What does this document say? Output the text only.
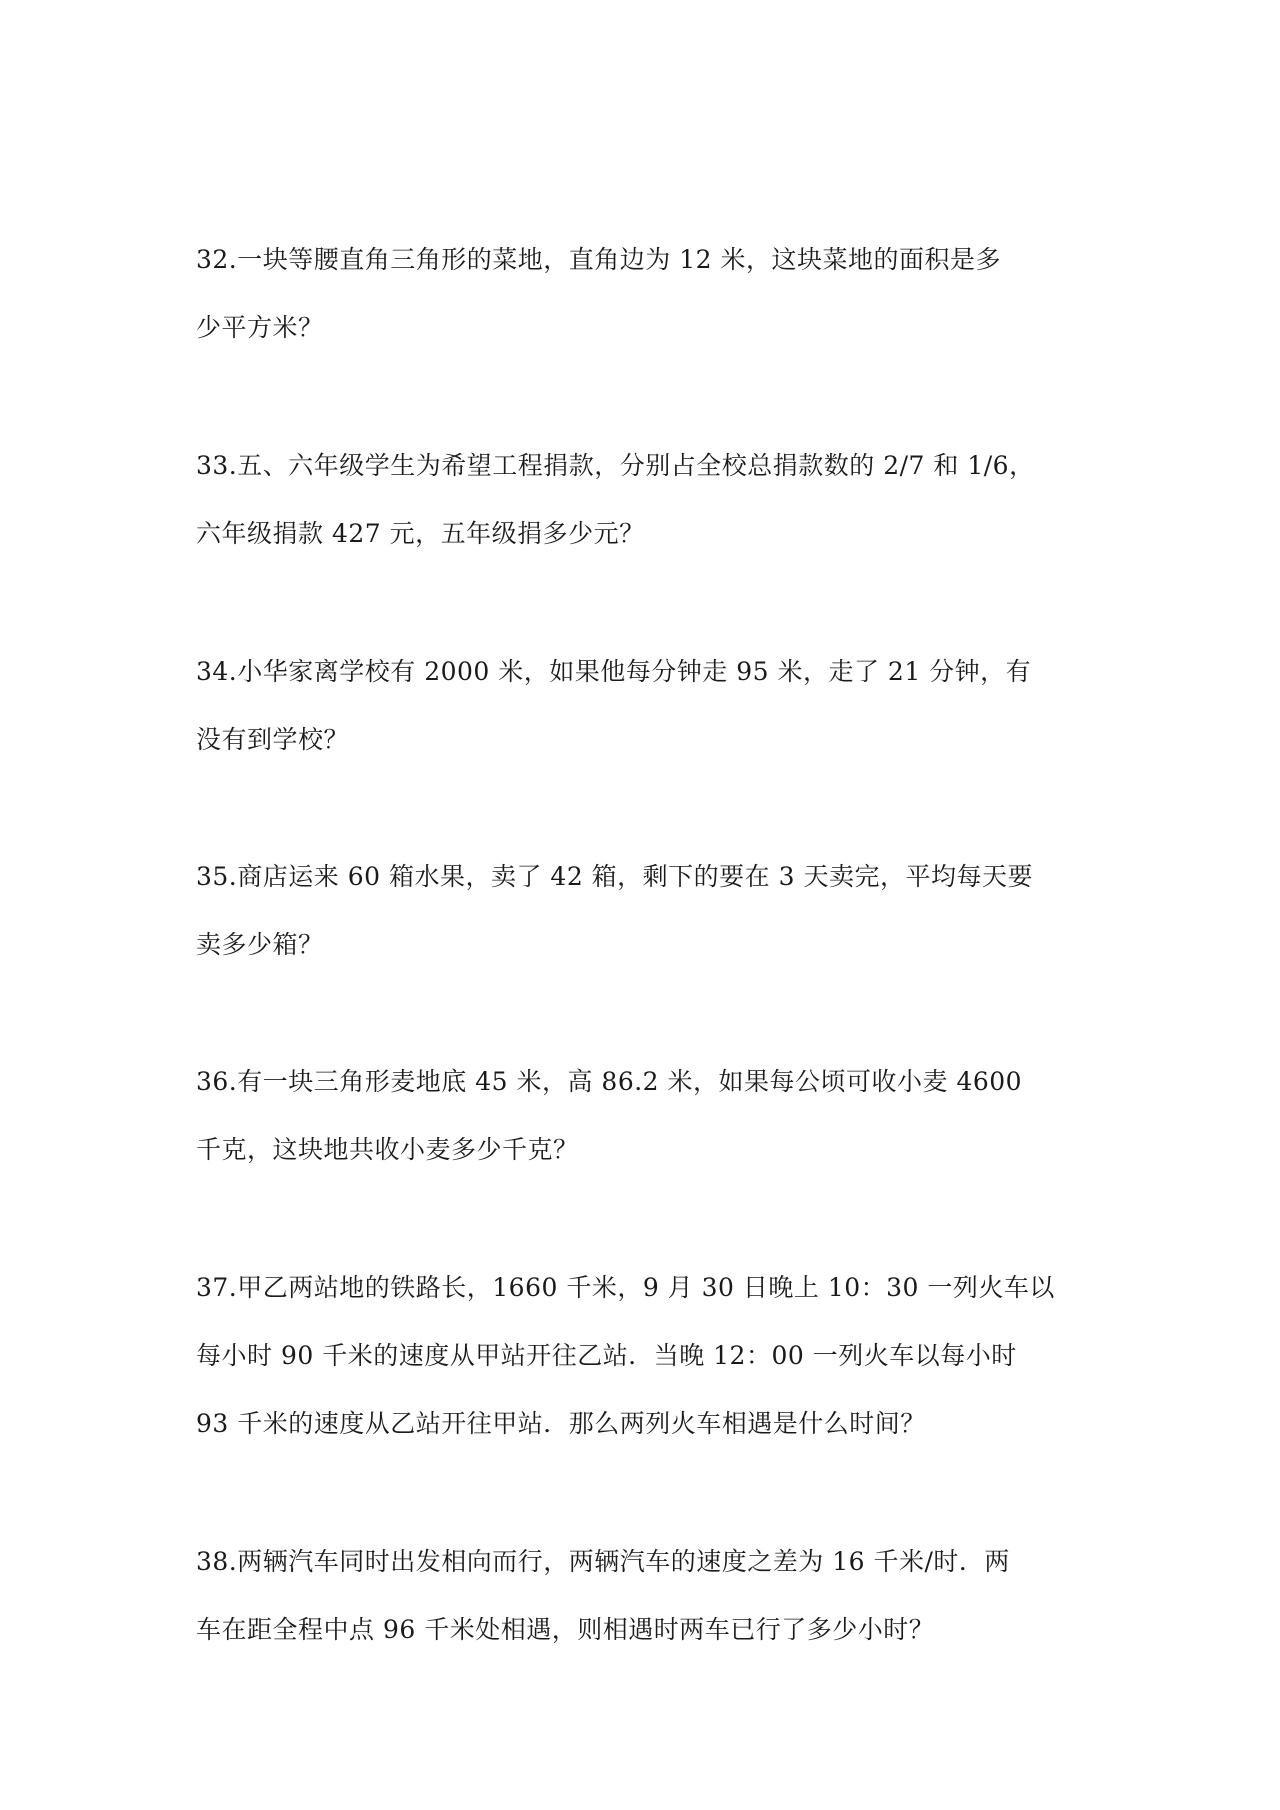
32.一块等腰直角三角形的菜地，直角边为 12 米，这块菜地的面积是多
少平方米？
33.五、六年级学生为希望工程捐款，分别占全校总捐款数的 2/7 和 1/6，
六年级捐款 427 元，五年级捐多少元？
34.小华家离学校有 2000 米，如果他每分钟走 95 米，走了 21 分钟，有
没有到学校？
35.商店运来 60 箱水果，卖了 42 箱，剩下的要在 3 天卖完，平均每天要
卖多少箱？
36.有一块三角形麦地底 45 米，高 86.2 米，如果每公顷可收小麦 4600
千克，这块地共收小麦多少千克？
37.甲乙两站地的铁路长，1660 千米，9 月 30 日晚上 10：30 一列火车以
每小时 90 千米的速度从甲站开往乙站．当晚 12：00 一列火车以每小时
93 千米的速度从乙站开往甲站．那么两列火车相遇是什么时间？
38.两辆汽车同时出发相向而行，两辆汽车的速度之差为 16 千米/时．两
车在距全程中点 96 千米处相遇，则相遇时两车已行了多少小时？
